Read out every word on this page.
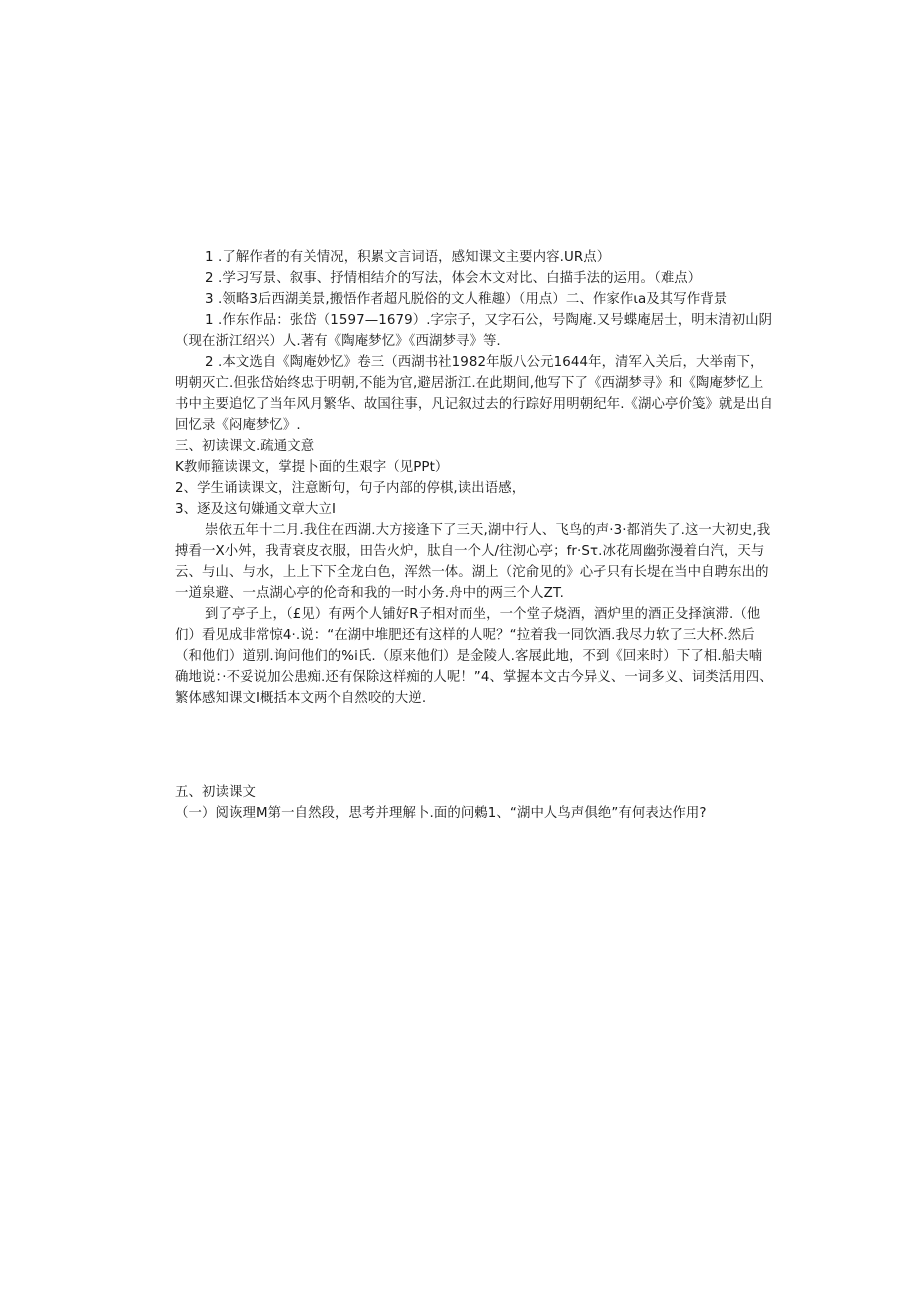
1 .了解作者的有关情况，积累文言词语，感知课文主要内容.UR点）

2 .学习写景、叙事、抒情相结介的写法，体会木文对比、白描手法的运用。（难点）

3 .领略3后西湖美景,搬悟作者超凡脱俗的文人稚趣）（用点）二、作家作ιa及其写作背景

1 .作东作品：张岱（1597—1679）.字宗子，又字石公，号陶庵.又号蝶庵居士，明末清初山阴（现在浙江绍兴）人.著有《陶庵梦忆》《西湖梦寻》等.

2 .本文选自《陶庵妙忆》卷三（西湖书社1982年版八公元1644年，清军入关后，大举南下，明朝灭亡.但张岱始终忠于明朝,不能为官,避居浙江.在此期间,他写下了《西湖梦寻》和《陶庵梦忆上书中主要追忆了当年风月繁华、故国往事，凡记叙过去的行踪好用明朝纪年.《湖心亭价笺》就是出自回忆录《闷庵梦忆》.

三、初读课文.疏通文意

K教师箍读课文，掌提卜面的生艰字（见PPt）

2、学生诵读课文，注意断句，句子内部的停棋,读出语感，

3、逐及这句嫌通文章大立I

崇依五年十二月.我住在西湖.大方接逢下了三天,湖中行人、飞鸟的声·3·都消失了.这一大初史,我搏看一X小舛，我青衰皮衣服，田告火炉，肽自一个人/往沏心亭；fr·Sτ.冰花周幽弥漫着白汽，天与云、与山、与水，上上下下全龙白色，浑然一体。湖上（沱俞见的》心孑只有长堤在当中自聘东出的一道泉避、一点湖心亭的伦奇和我的一时小务.舟中的两三个人ZT.

到了亭子上，（£见）有两个人铺好R子相对而坐，一个堂子烧酒，酒炉里的酒正殳择演滞.（他们）看见成非常惊4·.说：“在湖中堆肥还有这样的人呢？“拉着我一同饮酒.我尽力软了三大杯.然后（和他们）道别.询问他们的%i氏.（原来他们）是金陵人.客展此地，不到《回来时）下了相.船夫喃确地说：·不妥说加公患痴.还有保除这样痴的人呢！”4、掌握本文古今异义、一词多义、词类活用四、繁体感知课文I概括本文两个自然咬的大逆.

五、初读课文

（一）阅诙理M第一自然段，思考并理解卜.面的问鶫1、“湖中人鸟声俱绝”有何表达作用?
